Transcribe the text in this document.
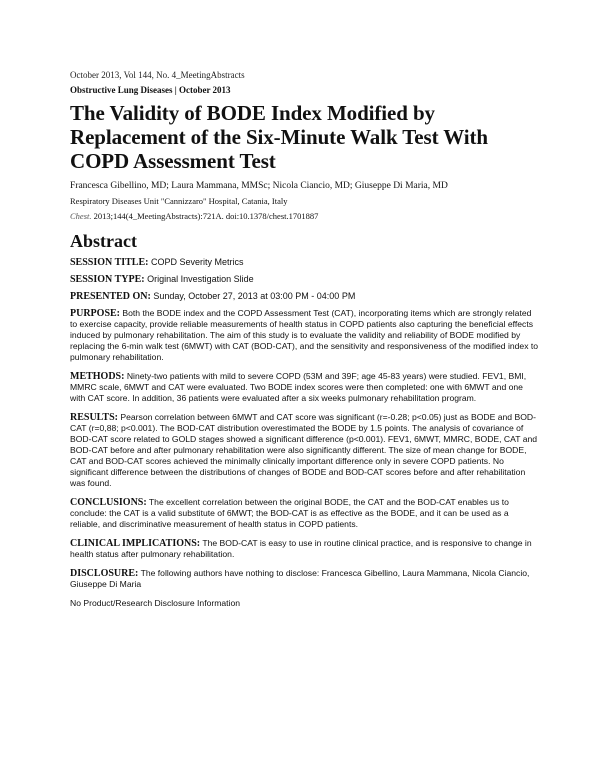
October 2013, Vol 144, No. 4_MeetingAbstracts
Obstructive Lung Diseases | October 2013
The Validity of BODE Index Modified by Replacement of the Six-Minute Walk Test With COPD Assessment Test
Francesca Gibellino, MD; Laura Mammana, MMSc; Nicola Ciancio, MD; Giuseppe Di Maria, MD
Respiratory Diseases Unit "Cannizzaro" Hospital, Catania, Italy
Chest. 2013;144(4_MeetingAbstracts):721A. doi:10.1378/chest.1701887
Abstract
SESSION TITLE: COPD Severity Metrics
SESSION TYPE: Original Investigation Slide
PRESENTED ON: Sunday, October 27, 2013 at 03:00 PM - 04:00 PM
PURPOSE: Both the BODE index and the COPD Assessment Test (CAT), incorporating items which are strongly related to exercise capacity, provide reliable measurements of health status in COPD patients also capturing the beneficial effects induced by pulmonary rehabilitation. The aim of this study is to evaluate the validity and reliability of BODE modified by replacing the 6-min walk test (6MWT) with CAT (BOD-CAT), and the sensitivity and responsiveness of the modified index to pulmonary rehabilitation.
METHODS: Ninety-two patients with mild to severe COPD (53M and 39F; age 45-83 years) were studied. FEV1, BMI, MMRC scale, 6MWT and CAT were evaluated. Two BODE index scores were then completed: one with 6MWT and one with CAT score. In addition, 36 patients were evaluated after a six weeks pulmonary rehabilitation program.
RESULTS: Pearson correlation between 6MWT and CAT score was significant (r=-0.28; p<0.05) just as BODE and BOD-CAT (r=0,88; p<0.001). The BOD-CAT distribution overestimated the BODE by 1.5 points. The analysis of covariance of BOD-CAT score related to GOLD stages showed a significant difference (p<0.001). FEV1, 6MWT, MMRC, BODE, CAT and BOD-CAT before and after pulmonary rehabilitation were also significantly different. The size of mean change for BODE, CAT and BOD-CAT scores achieved the minimally clinically important difference only in severe COPD patients. No significant difference between the distributions of changes of BODE and BOD-CAT scores before and after rehabilitation was found.
CONCLUSIONS: The excellent correlation between the original BODE, the CAT and the BOD-CAT enables us to conclude: the CAT is a valid substitute of 6MWT; the BOD-CAT is as effective as the BODE, and it can be used as a reliable, and discriminative measurement of health status in COPD patients.
CLINICAL IMPLICATIONS: The BOD-CAT is easy to use in routine clinical practice, and is responsive to change in health status after pulmonary rehabilitation.
DISCLOSURE: The following authors have nothing to disclose: Francesca Gibellino, Laura Mammana, Nicola Ciancio, Giuseppe Di Maria
No Product/Research Disclosure Information
